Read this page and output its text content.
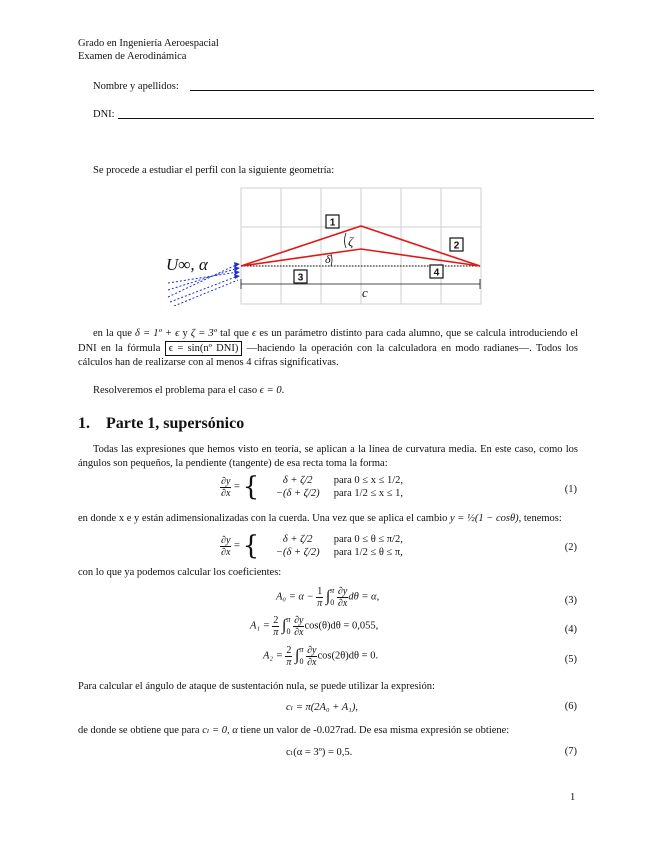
Grado en Ingeniería Aeroespacial
Examen de Aerodinámica
Nombre y apellidos:
DNI:
Se procede a estudiar el perfil con la siguiente geometría:
1
2
3	4
U∞, α
ζ
δ
c
en la que δ = 1º + ϵ y ζ = 3º tal que ϵ es un parámetro distinto para cada alumno, que se calcula introduciendo el DNI en la fórmula ϵ = sin(nº DNI) —haciendo la operación con la calculadora en modo radianes—. Todos los cálculos han de realizarse con al menos 4 cifras significativas.
Resolveremos el problema para el caso ϵ = 0.
1. Parte 1, supersónico
Todas las expresiones que hemos visto en teoría, se aplican a la línea de curvatura media. En este caso, como los ángulos son pequeños, la pendiente (tangente) de esa recta toma la forma:
$\frac{\partial y}{\partial x}$ = { δ + ζ/2 para 0 ≤ x ≤ 1/2,
−(δ + ζ/2) para 1/2 ≤ x ≤ 1,	(1)
en donde x e y están adimensionalizadas con la cuerda. Una vez que se aplica el cambio y = ½(1 − cosθ), tenemos:
$\frac{\partial y}{\partial x}$ = { δ + ζ/2 para 0 ≤ θ ≤ π/2,
−(δ + ζ/2) para 1/2 ≤ θ ≤ π,	(2)
con lo que ya podemos calcular los coeficientes:
$A_0 = \alpha - \frac{1}{\pi} \int\pi$
$0 \frac{\partial y}{\partial x}$ dθ = α,	(3)
$A_1 = \frac{2}{\pi} \int\pi$
$0 \frac{\partial y}{\partial x} \cos(\theta)d\theta = 0,055$,	(4)
$A_2 = \frac{2}{\pi} \int\pi$
$0 \frac{\partial y}{\partial x} \cos(2\theta)d\theta = 0$.	(5)
Para calcular el ángulo de ataque de sustentación nula, se puede utilizar la expresión:
cₗ = π(2A₀ + A₁),	(6)
de donde se obtiene que para cₗ = 0, α tiene un valor de -0.027rad. De esa misma expresión se obtiene:
cₗ(α = 3º) = 0,5.	(7)
1
